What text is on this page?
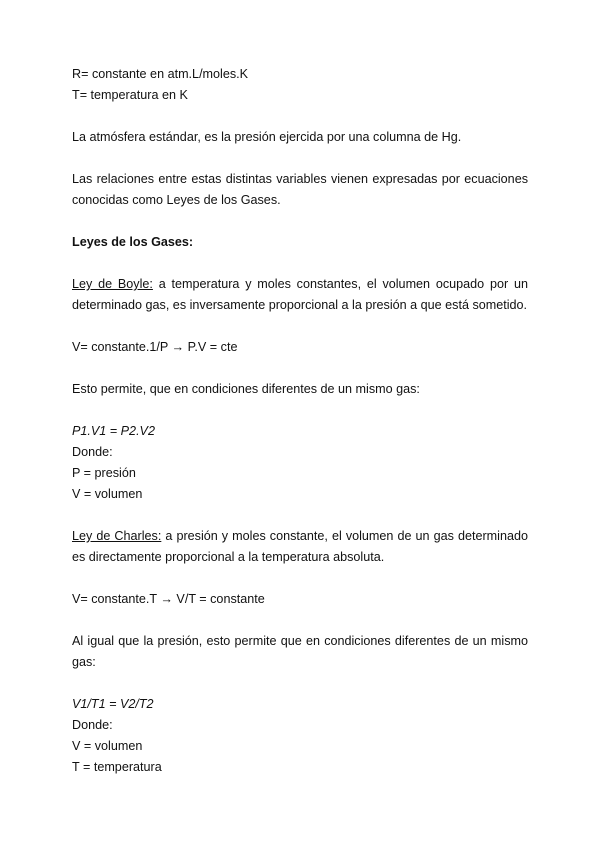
R= constante en atm.L/moles.K

T= temperatura en K

La atmósfera estándar, es la presión ejercida por una columna de Hg.

Las relaciones entre estas distintas variables vienen expresadas por ecuaciones conocidas como Leyes de los Gases.

Leyes de los Gases:

Ley de Boyle: a temperatura y moles constantes, el volumen ocupado por un determinado gas, es inversamente proporcional a la presión a que está sometido.

V= constante.1/P → P.V = cte

Esto permite, que en condiciones diferentes de un mismo gas:

P1.V1 = P2.V2

Donde:

P = presión

V = volumen

Ley de Charles: a presión y moles constante, el volumen de un gas determinado es directamente proporcional a la temperatura absoluta.

V= constante.T → V/T = constante

Al igual que la presión, esto permite que en condiciones diferentes de un mismo gas:

V1/T1 = V2/T2

Donde:

V = volumen

T = temperatura
